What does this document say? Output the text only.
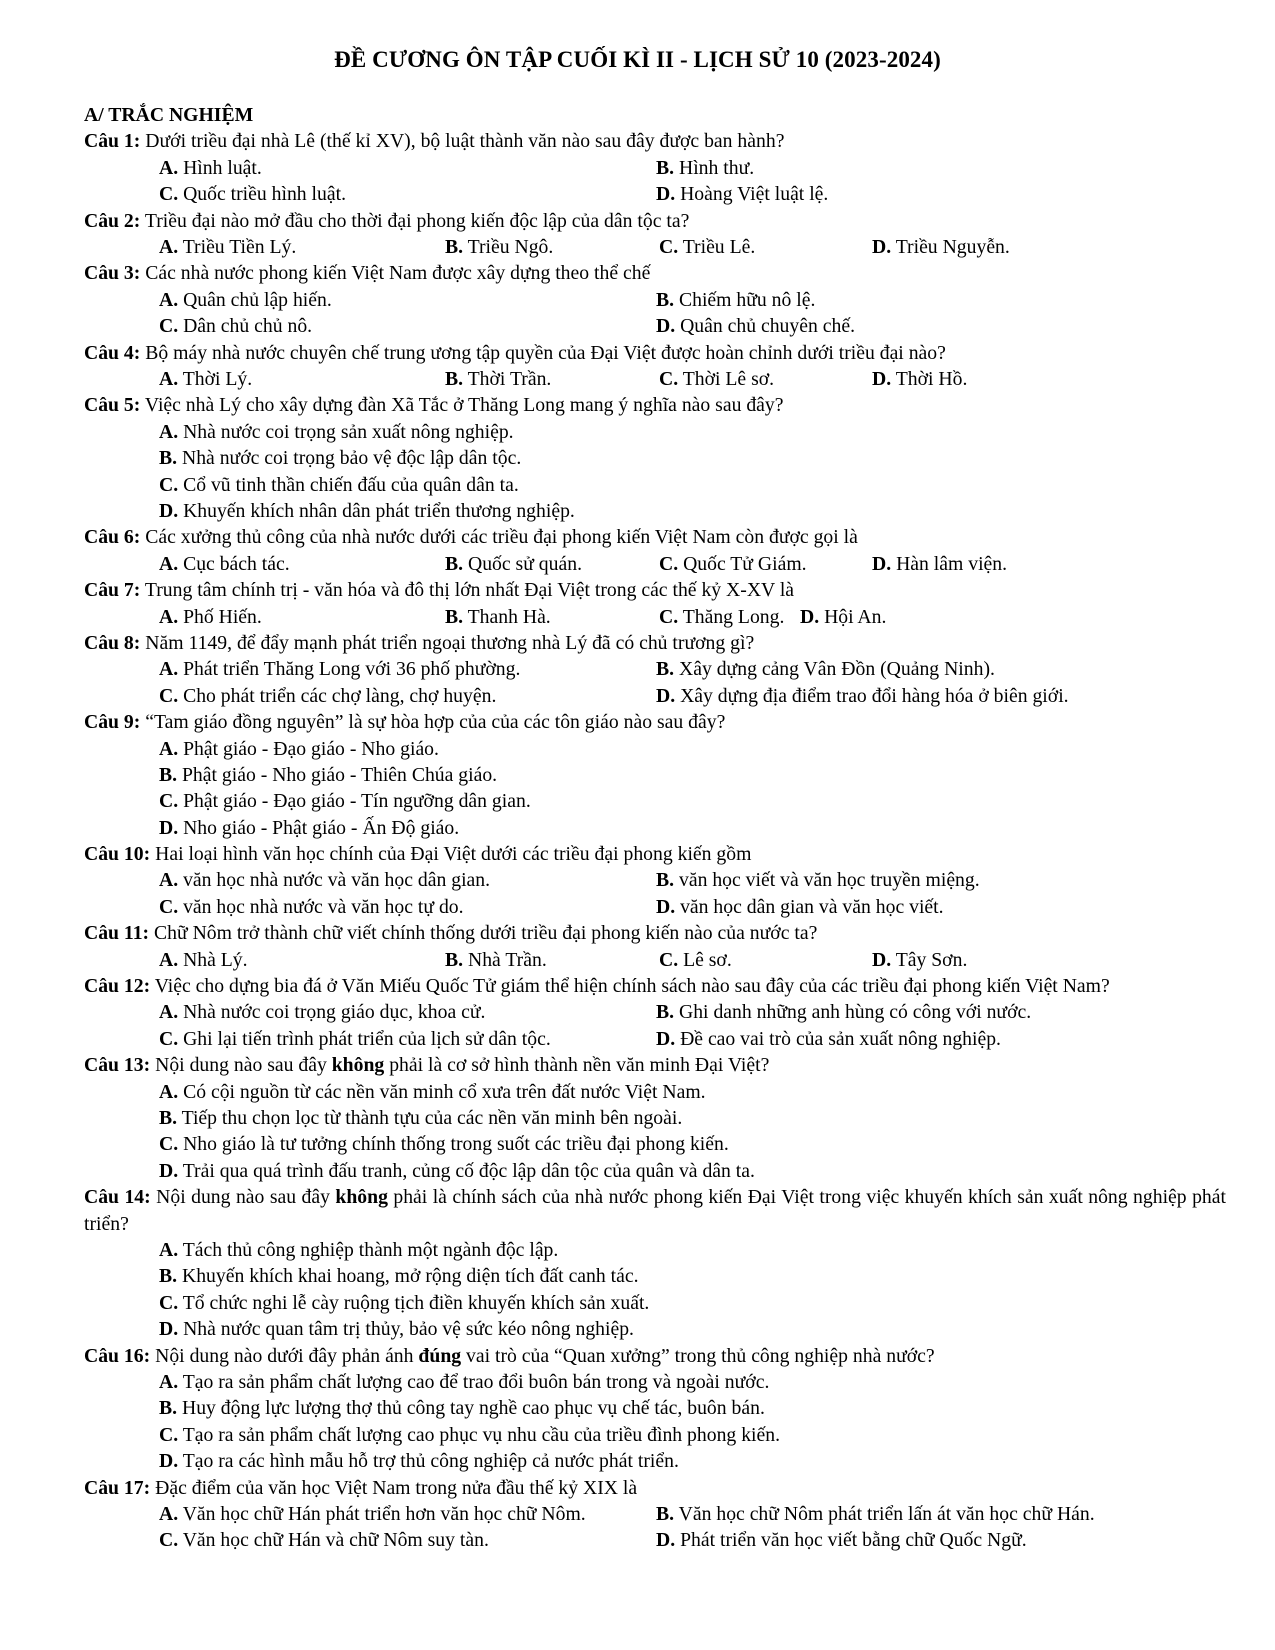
ĐỀ CƯƠNG ÔN TẬP CUỐI KÌ II - LỊCH SỬ 10 (2023-2024)
A/ TRẮC NGHIỆM
Câu 1: Dưới triều đại nhà Lê (thế kỉ XV), bộ luật thành văn nào sau đây được ban hành?
A. Hình luật.	B. Hình thư.
C. Quốc triều hình luật.	D. Hoàng Việt luật lệ.
Câu 2: Triều đại nào mở đầu cho thời đại phong kiến độc lập của dân tộc ta?
A. Triều Tiền Lý.	B. Triều Ngô.	C. Triều Lê.	D. Triều Nguyễn.
Câu 3: Các nhà nước phong kiến Việt Nam được xây dựng theo thể chế
A. Quân chủ lập hiến.	B. Chiếm hữu nô lệ.
C. Dân chủ chủ nô.	D. Quân chủ chuyên chế.
Câu 4: Bộ máy nhà nước chuyên chế trung ương tập quyền của Đại Việt được hoàn chỉnh dưới triều đại nào?
A. Thời Lý.	B. Thời Trần.	C. Thời Lê sơ.	D. Thời Hồ.
Câu 5: Việc nhà Lý cho xây dựng đàn Xã Tắc ở Thăng Long mang ý nghĩa nào sau đây?
A. Nhà nước coi trọng sản xuất nông nghiệp.
B. Nhà nước coi trọng bảo vệ độc lập dân tộc.
C. Cổ vũ tinh thần chiến đấu của quân dân ta.
D. Khuyến khích nhân dân phát triển thương nghiệp.
Câu 6: Các xưởng thủ công của nhà nước dưới các triều đại phong kiến Việt Nam còn được gọi là
A. Cục bách tác.	B. Quốc sử quán.	C. Quốc Tử Giám.	D. Hàn lâm viện.
Câu 7: Trung tâm chính trị - văn hóa và đô thị lớn nhất Đại Việt trong các thế kỷ X-XV là
A. Phố Hiến.	B. Thanh Hà.	C. Thăng Long. D. Hội An.
Câu 8: Năm 1149, để đẩy mạnh phát triển ngoại thương nhà Lý đã có chủ trương gì?
A. Phát triển Thăng Long với 36 phố phường.	B. Xây dựng cảng Vân Đồn (Quảng Ninh).
C. Cho phát triển các chợ làng, chợ huyện.	D. Xây dựng địa điểm trao đổi hàng hóa ở biên giới.
Câu 9: “Tam giáo đồng nguyên” là sự hòa hợp của của các tôn giáo nào sau đây?
A. Phật giáo - Đạo giáo - Nho giáo.
B. Phật giáo - Nho giáo - Thiên Chúa giáo.
C. Phật giáo - Đạo giáo - Tín ngưỡng dân gian.
D. Nho giáo - Phật giáo - Ấn Độ giáo.
Câu 10: Hai loại hình văn học chính của Đại Việt dưới các triều đại phong kiến gồm
A. văn học nhà nước và văn học dân gian.	B. văn học viết và văn học truyền miệng.
C. văn học nhà nước và văn học tự do.	D. văn học dân gian và văn học viết.
Câu 11: Chữ Nôm trở thành chữ viết chính thống dưới triều đại phong kiến nào của nước ta?
A. Nhà Lý.	B. Nhà Trần.	C. Lê sơ.	D. Tây Sơn.
Câu 12: Việc cho dựng bia đá ở Văn Miếu Quốc Tử giám thể hiện chính sách nào sau đây của các triều đại phong kiến Việt Nam?
A. Nhà nước coi trọng giáo dục, khoa cử.	B. Ghi danh những anh hùng có công với nước.
C. Ghi lại tiến trình phát triển của lịch sử dân tộc.	D. Đề cao vai trò của sản xuất nông nghiệp.
Câu 13: Nội dung nào sau đây không phải là cơ sở hình thành nền văn minh Đại Việt?
A. Có cội nguồn từ các nền văn minh cổ xưa trên đất nước Việt Nam.
B. Tiếp thu chọn lọc từ thành tựu của các nền văn minh bên ngoài.
C. Nho giáo là tư tưởng chính thống trong suốt các triều đại phong kiến.
D. Trải qua quá trình đấu tranh, củng cố độc lập dân tộc của quân và dân ta.
Câu 14: Nội dung nào sau đây không phải là chính sách của nhà nước phong kiến Đại Việt trong việc khuyến khích sản xuất nông nghiệp phát triển?
A. Tách thủ công nghiệp thành một ngành độc lập.
B. Khuyến khích khai hoang, mở rộng diện tích đất canh tác.
C. Tổ chức nghi lễ cày ruộng tịch điền khuyến khích sản xuất.
D. Nhà nước quan tâm trị thủy, bảo vệ sức kéo nông nghiệp.
Câu 16: Nội dung nào dưới đây phản ánh đúng vai trò của “Quan xưởng” trong thủ công nghiệp nhà nước?
A. Tạo ra sản phẩm chất lượng cao để trao đổi buôn bán trong và ngoài nước.
B. Huy động lực lượng thợ thủ công tay nghề cao phục vụ chế tác, buôn bán.
C. Tạo ra sản phẩm chất lượng cao phục vụ nhu cầu của triều đình phong kiến.
D. Tạo ra các hình mẫu hỗ trợ thủ công nghiệp cả nước phát triển.
Câu 17: Đặc điểm của văn học Việt Nam trong nửa đầu thế kỷ XIX là
A. Văn học chữ Hán phát triển hơn văn học chữ Nôm.	B. Văn học chữ Nôm phát triển lấn át văn học chữ Hán.
C. Văn học chữ Hán và chữ Nôm suy tàn.	D. Phát triển văn học viết bằng chữ Quốc Ngữ.
